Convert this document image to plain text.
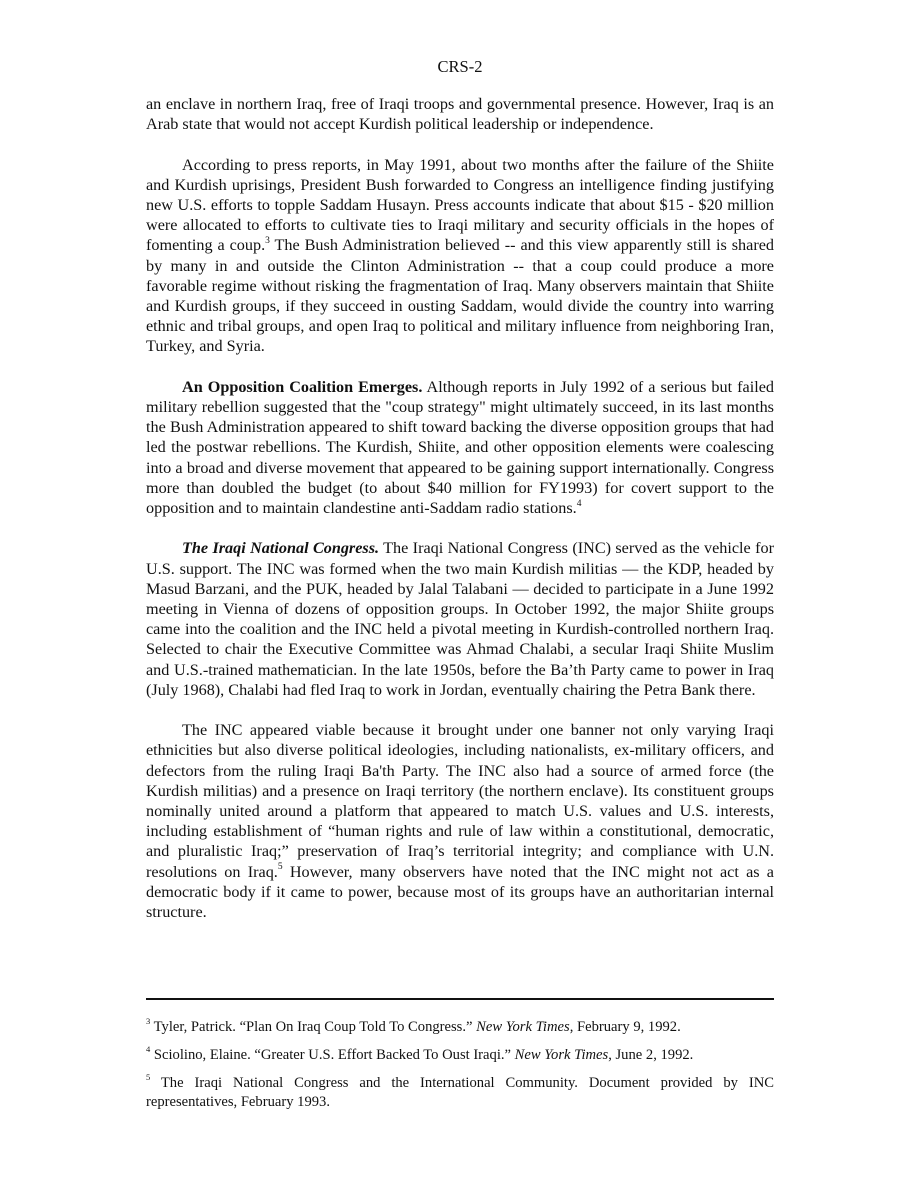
CRS-2

an enclave in northern Iraq, free of Iraqi troops and governmental presence. However, Iraq is an Arab state that would not accept Kurdish political leadership or independence.

According to press reports, in May 1991, about two months after the failure of the Shiite and Kurdish uprisings, President Bush forwarded to Congress an intelligence finding justifying new U.S. efforts to topple Saddam Husayn. Press accounts indicate that about $15 - $20 million were allocated to efforts to cultivate ties to Iraqi military and security officials in the hopes of fomenting a coup.$^3$ The Bush Administration believed -- and this view apparently still is shared by many in and outside the Clinton Administration -- that a coup could produce a more favorable regime without risking the fragmentation of Iraq. Many observers maintain that Shiite and Kurdish groups, if they succeed in ousting Saddam, would divide the country into warring ethnic and tribal groups, and open Iraq to political and military influence from neighboring Iran, Turkey, and Syria.

An Opposition Coalition Emerges. Although reports in July 1992 of a serious but failed military rebellion suggested that the "coup strategy" might ultimately succeed, in its last months the Bush Administration appeared to shift toward backing the diverse opposition groups that had led the postwar rebellions. The Kurdish, Shiite, and other opposition elements were coalescing into a broad and diverse movement that appeared to be gaining support internationally. Congress more than doubled the budget (to about $40 million for FY1993) for covert support to the opposition and to maintain clandestine anti-Saddam radio stations.$^4$

The Iraqi National Congress. The Iraqi National Congress (INC) served as the vehicle for U.S. support. The INC was formed when the two main Kurdish militias — the KDP, headed by Masud Barzani, and the PUK, headed by Jalal Talabani — decided to participate in a June 1992 meeting in Vienna of dozens of opposition groups. In October 1992, the major Shiite groups came into the coalition and the INC held a pivotal meeting in Kurdish-controlled northern Iraq. Selected to chair the Executive Committee was Ahmad Chalabi, a secular Iraqi Shiite Muslim and U.S.-trained mathematician. In the late 1950s, before the Ba’th Party came to power in Iraq (July 1968), Chalabi had fled Iraq to work in Jordan, eventually chairing the Petra Bank there.

The INC appeared viable because it brought under one banner not only varying Iraqi ethnicities but also diverse political ideologies, including nationalists, ex-military officers, and defectors from the ruling Iraqi Ba'th Party. The INC also had a source of armed force (the Kurdish militias) and a presence on Iraqi territory (the northern enclave). Its constituent groups nominally united around a platform that appeared to match U.S. values and U.S. interests, including establishment of “human rights and rule of law within a constitutional, democratic, and pluralistic Iraq;” preservation of Iraq’s territorial integrity; and compliance with U.N. resolutions on Iraq.$^5$ However, many observers have noted that the INC might not act as a democratic body if it came to power, because most of its groups have an authoritarian internal structure.

$^3$ Tyler, Patrick. “Plan On Iraq Coup Told To Congress.” New York Times, February 9, 1992.
$^4$ Sciolino, Elaine. “Greater U.S. Effort Backed To Oust Iraqi.” New York Times, June 2, 1992.
$^5$ The Iraqi National Congress and the International Community. Document provided by INC representatives, February 1993.
